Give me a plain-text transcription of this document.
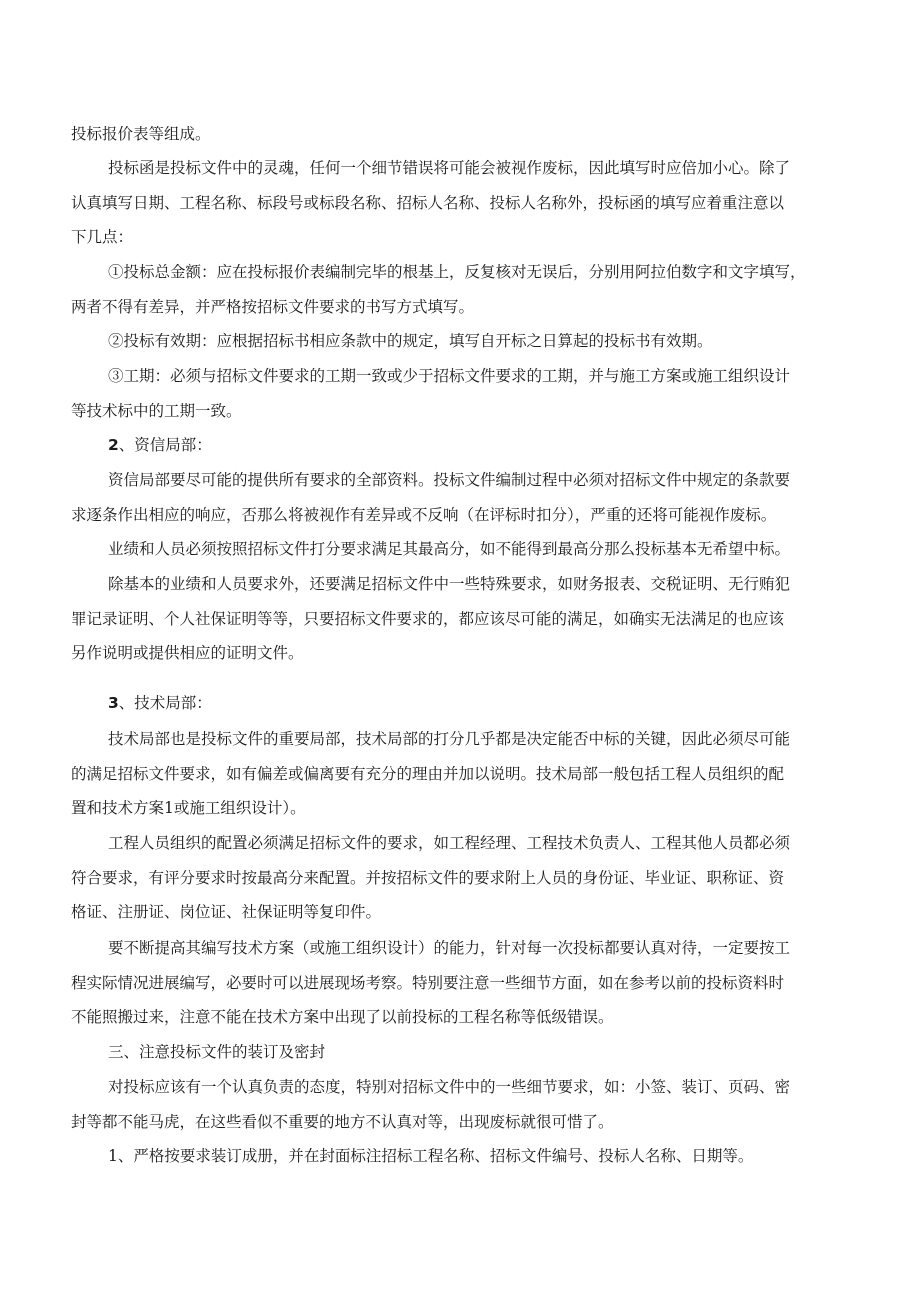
投标报价表等组成。
投标函是投标文件中的灵魂，任何一个细节错误将可能会被视作废标，因此填写时应倍加小心。除了
认真填写日期、工程名称、标段号或标段名称、招标人名称、投标人名称外，投标函的填写应着重注意以
下几点：
①投标总金额：应在投标报价表编制完毕的根基上，反复核对无误后，分别用阿拉伯数字和文字填写，
两者不得有差异，并严格按招标文件要求的书写方式填写。
②投标有效期：应根据招标书相应条款中的规定，填写自开标之日算起的投标书有效期。
③工期：必须与招标文件要求的工期一致或少于招标文件要求的工期，并与施工方案或施工组织设计
等技术标中的工期一致。
2、资信局部：
资信局部要尽可能的提供所有要求的全部资料。投标文件编制过程中必须对招标文件中规定的条款要
求逐条作出相应的响应，否那么将被视作有差异或不反响（在评标时扣分），严重的还将可能视作废标。
业绩和人员必须按照招标文件打分要求满足其最高分，如不能得到最高分那么投标基本无希望中标。
除基本的业绩和人员要求外，还要满足招标文件中一些特殊要求，如财务报表、交税证明、无行贿犯
罪记录证明、个人社保证明等等，只要招标文件要求的，都应该尽可能的满足，如确实无法满足的也应该
另作说明或提供相应的证明文件。
3、技术局部：
技术局部也是投标文件的重要局部，技术局部的打分几乎都是决定能否中标的关键，因此必须尽可能
的满足招标文件要求，如有偏差或偏离要有充分的理由并加以说明。技术局部一般包括工程人员组织的配
置和技术方案1或施工组织设计）。
工程人员组织的配置必须满足招标文件的要求，如工程经理、工程技术负责人、工程其他人员都必须
符合要求，有评分要求时按最高分来配置。并按招标文件的要求附上人员的身份证、毕业证、职称证、资
格证、注册证、岗位证、社保证明等复印件。
要不断提高其编写技术方案（或施工组织设计）的能力，针对每一次投标都要认真对待，一定要按工
程实际情况进展编写，必要时可以进展现场考察。特别要注意一些细节方面，如在参考以前的投标资料时
不能照搬过来，注意不能在技术方案中出现了以前投标的工程名称等低级错误。
三、注意投标文件的装订及密封
对投标应该有一个认真负责的态度，特别对招标文件中的一些细节要求，如：小签、装订、页码、密
封等都不能马虎，在这些看似不重要的地方不认真对等，出现废标就很可惜了。
1、严格按要求装订成册，并在封面标注招标工程名称、招标文件编号、投标人名称、日期等。
